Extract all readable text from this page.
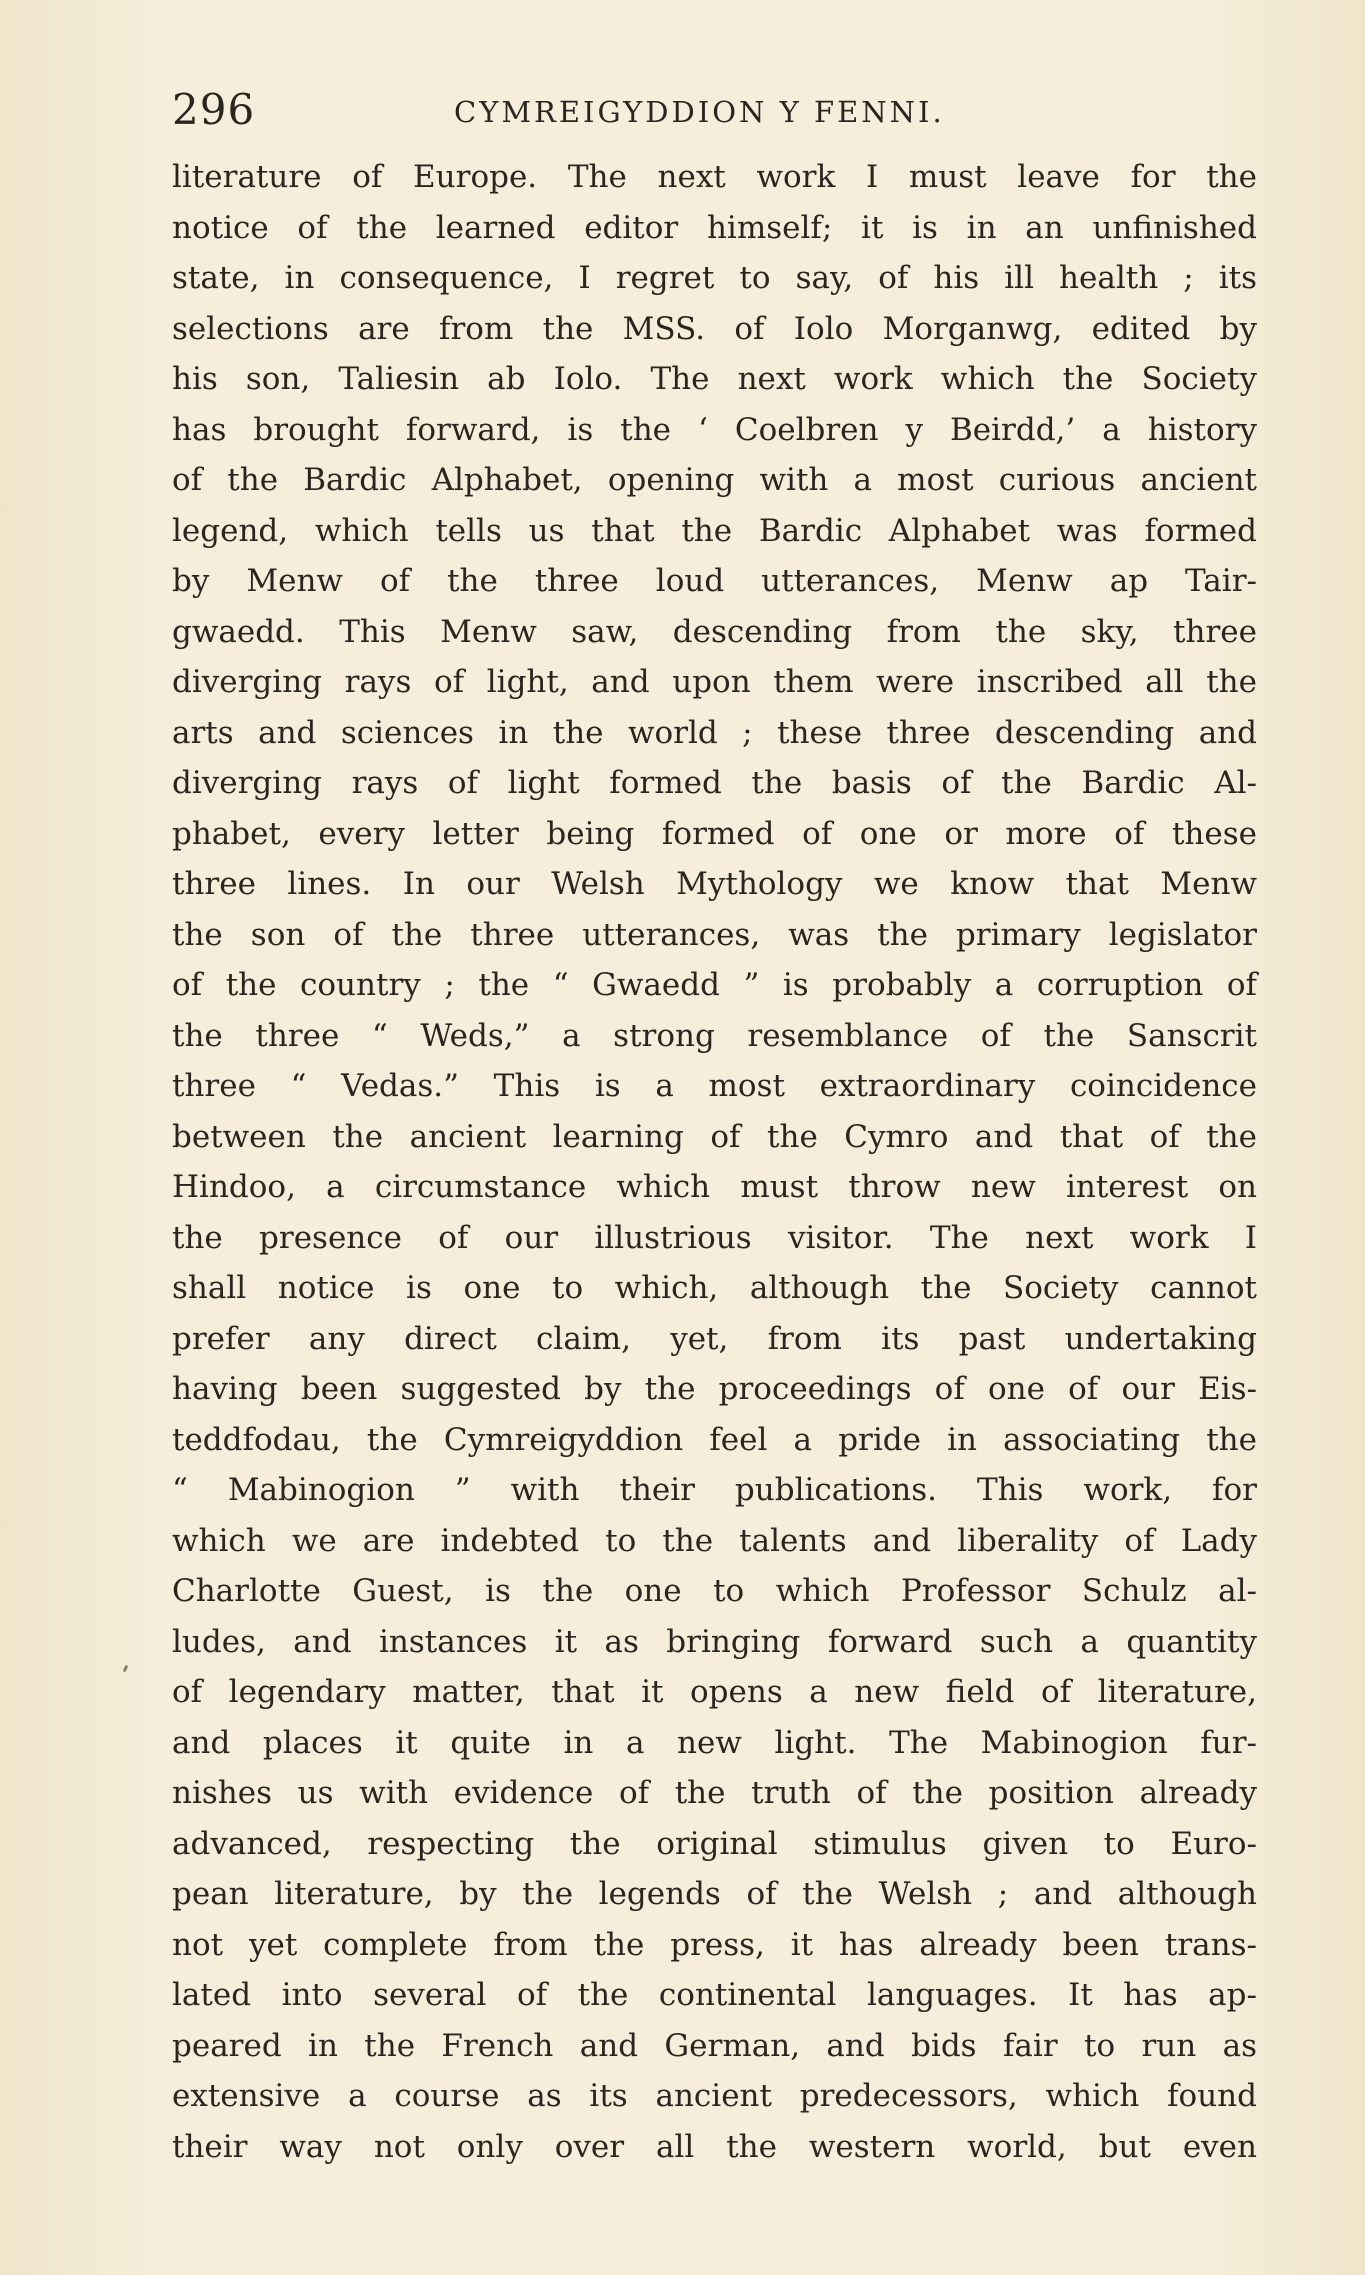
296	CYMREIGYDDION Y FENNI.
literature of Europe. The next work I must leave for the
notice of the learned editor himself; it is in an unfinished
state, in consequence, I regret to say, of his ill health ; its
selections are from the MSS. of Iolo Morganwg, edited by
his son, Taliesin ab Iolo. The next work which the Society
has brought forward, is the ‘ Coelbren y Beirdd,’ a history
of the Bardic Alphabet, opening with a most curious ancient
legend, which tells us that the Bardic Alphabet was formed
by Menw of the three loud utterances, Menw ap Tair-
gwaedd. This Menw saw, descending from the sky, three
diverging rays of light, and upon them were inscribed all the
arts and sciences in the world ; these three descending and
diverging rays of light formed the basis of the Bardic Al-
phabet, every letter being formed of one or more of these
three lines. In our Welsh Mythology we know that Menw
the son of the three utterances, was the primary legislator
of the country ; the “ Gwaedd ” is probably a corruption of
the three “ Weds,” a strong resemblance of the Sanscrit
three “ Vedas.” This is a most extraordinary coincidence
between the ancient learning of the Cymro and that of the
Hindoo, a circumstance which must throw new interest on
the presence of our illustrious visitor. The next work I
shall notice is one to which, although the Society cannot
prefer any direct claim, yet, from its past undertaking
having been suggested by the proceedings of one of our Eis-
teddfodau, the Cymreigyddion feel a pride in associating the
“ Mabinogion ” with their publications. This work, for
which we are indebted to the talents and liberality of Lady
Charlotte Guest, is the one to which Professor Schulz al-
ludes, and instances it as bringing forward such a quantity
of legendary matter, that it opens a new field of literature,
and places it quite in a new light. The Mabinogion fur-
nishes us with evidence of the truth of the position already
advanced, respecting the original stimulus given to Euro-
pean literature, by the legends of the Welsh ; and although
not yet complete from the press, it has already been trans-
lated into several of the continental languages. It has ap-
peared in the French and German, and bids fair to run as
extensive a course as its ancient predecessors, which found
their way not only over all the western world, but even
